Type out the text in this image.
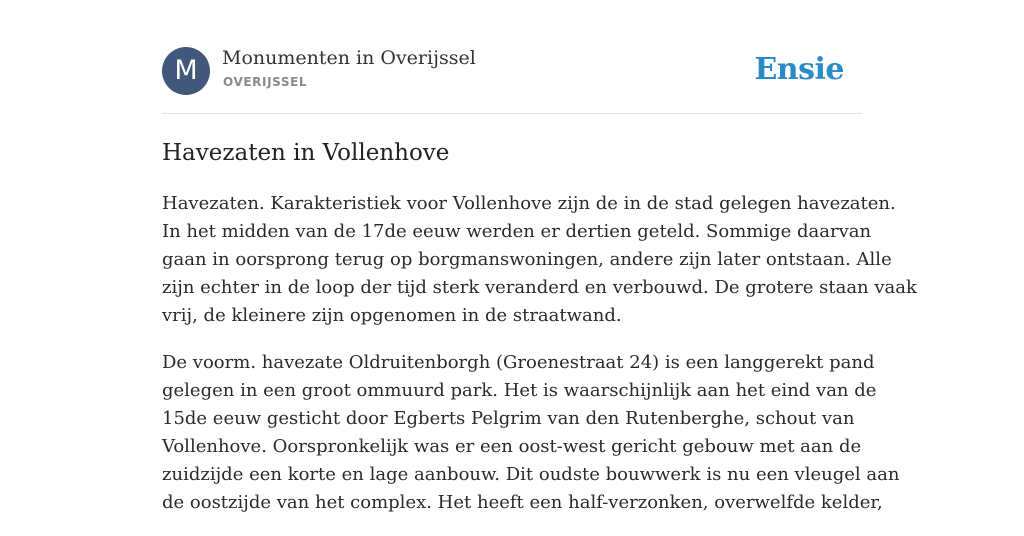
M	Monumenten in Overijssel
OVERIJSSEL	Ensie
Havezaten in Vollenhove

Havezaten. Karakteristiek voor Vollenhove zijn de in de stad gelegen havezaten.
In het midden van de 17de eeuw werden er dertien geteld. Sommige daarvan
gaan in oorsprong terug op borgmanswoningen, andere zijn later ontstaan. Alle
zijn echter in de loop der tijd sterk veranderd en verbouwd. De grotere staan vaak
vrij, de kleinere zijn opgenomen in de straatwand.

De voorm. havezate Oldruitenborgh (Groenestraat 24) is een langgerekt pand
gelegen in een groot ommuurd park. Het is waarschijnlijk aan het eind van de
15de eeuw gesticht door Egberts Pelgrim van den Rutenberghe, schout van
Vollenhove. Oorspronkelijk was er een oost-west gericht gebouw met aan de
zuidzijde een korte en lage aanbouw. Dit oudste bouwwerk is nu een vleugel aan
de oostzijde van het complex. Het heeft een half-verzonken, overwelfde kelder,
